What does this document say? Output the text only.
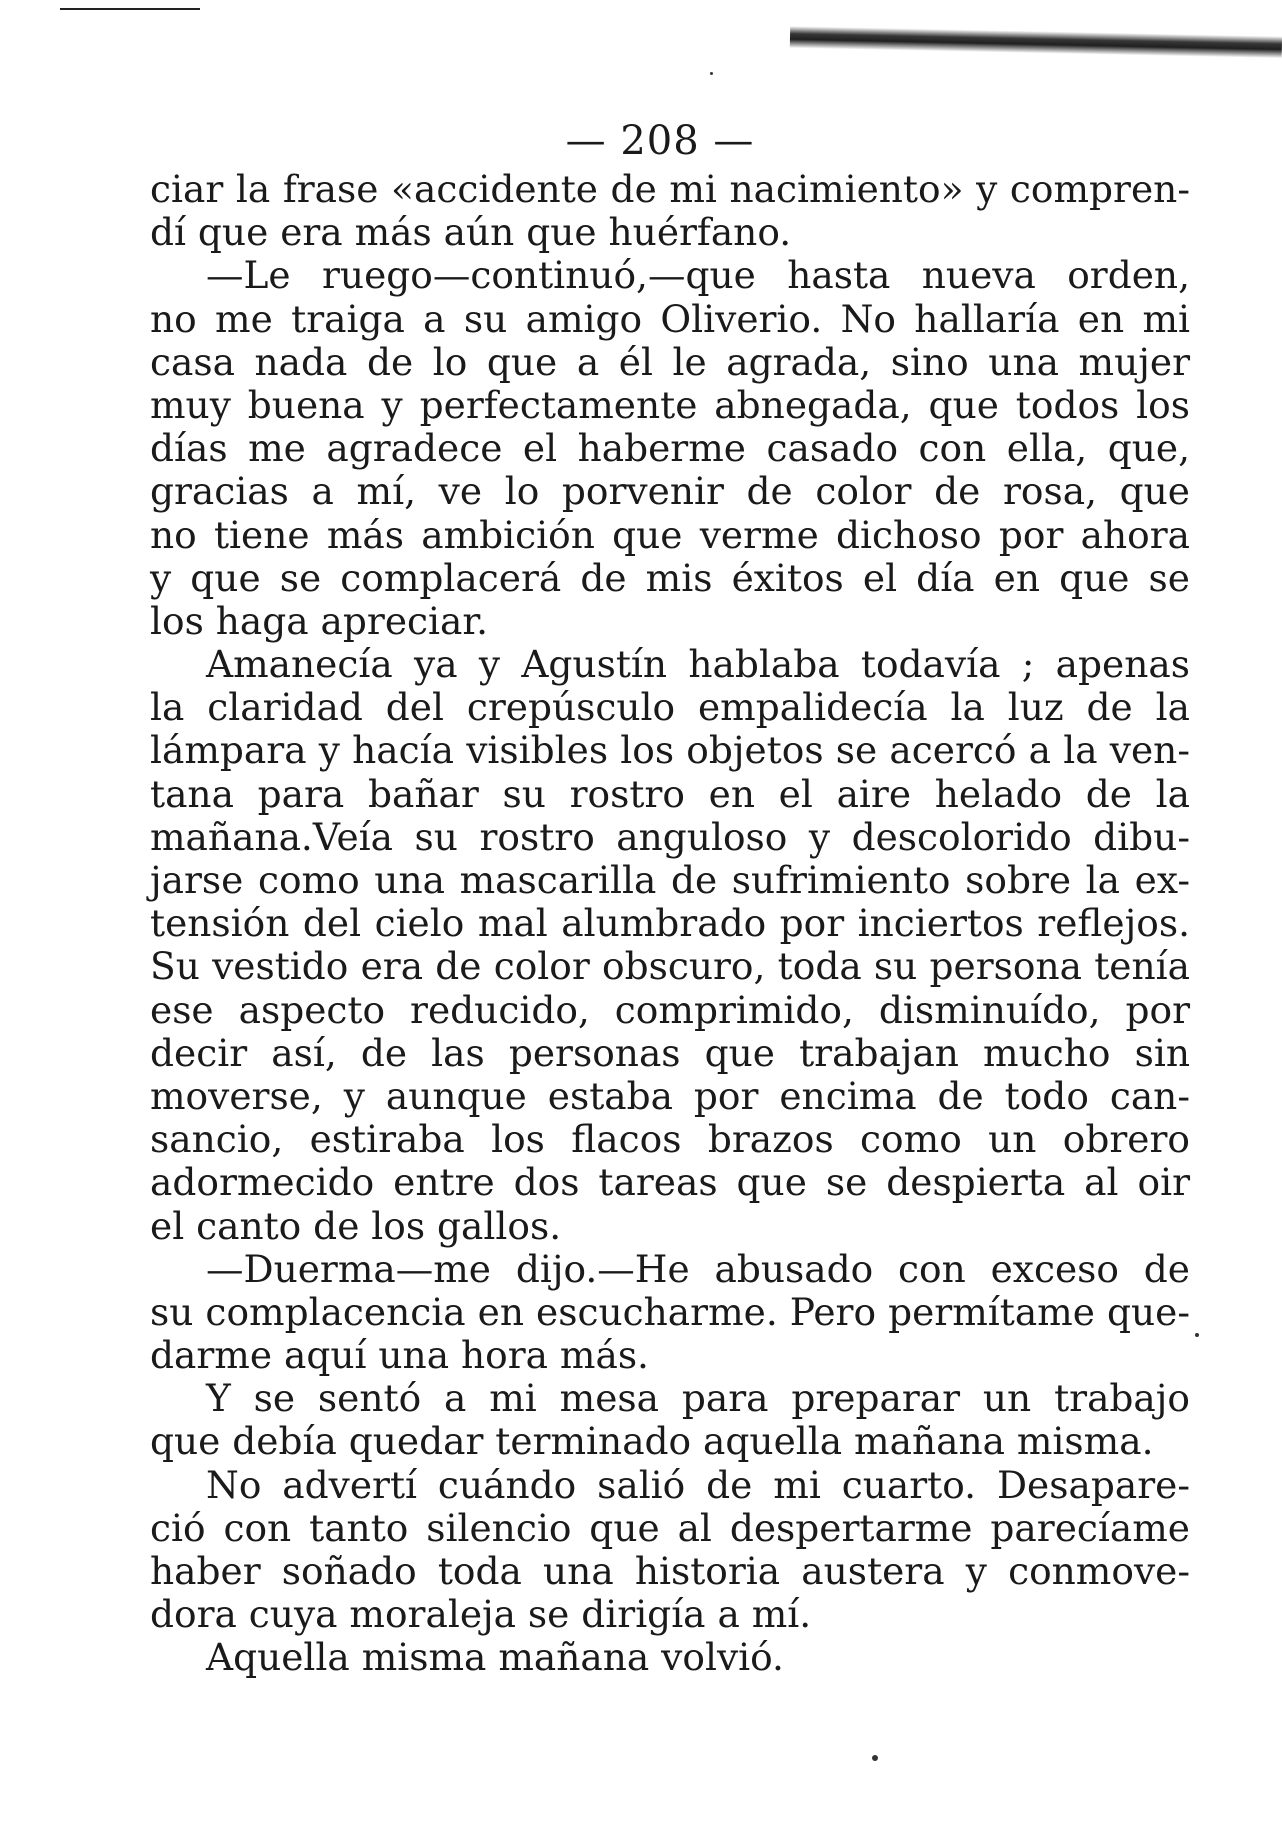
— 208 —
ciar la frase «accidente de mi nacimiento» y compren-
dí que era más aún que huérfano.
—Le ruego—continuó,—que hasta nueva orden,
no me traiga a su amigo Oliverio. No hallaría en mi
casa nada de lo que a él le agrada, sino una mujer
muy buena y perfectamente abnegada, que todos los
días me agradece el haberme casado con ella, que,
gracias a mí, ve lo porvenir de color de rosa, que
no tiene más ambición que verme dichoso por ahora
y que se complacerá de mis éxitos el día en que se
los haga apreciar.
Amanecía ya y Agustín hablaba todavía ; apenas
la claridad del crepúsculo empalidecía la luz de la
lámpara y hacía visibles los objetos se acercó a la ven-
tana para bañar su rostro en el aire helado de la
mañana.Veía su rostro anguloso y descolorido dibu-
jarse como una mascarilla de sufrimiento sobre la ex-
tensión del cielo mal alumbrado por inciertos reflejos.
Su vestido era de color obscuro, toda su persona tenía
ese aspecto reducido, comprimido, disminuído, por
decir así, de las personas que trabajan mucho sin
moverse, y aunque estaba por encima de todo can-
sancio, estiraba los flacos brazos como un obrero
adormecido entre dos tareas que se despierta al oir
el canto de los gallos.
—Duerma—me dijo.—He abusado con exceso de
su complacencia en escucharme. Pero permítame que-
darme aquí una hora más.
Y se sentó a mi mesa para preparar un trabajo
que debía quedar terminado aquella mañana misma.
No advertí cuándo salió de mi cuarto. Desapare-
ció con tanto silencio que al despertarme parecíame
haber soñado toda una historia austera y conmove-
dora cuya moraleja se dirigía a mí.
Aquella misma mañana volvió.
